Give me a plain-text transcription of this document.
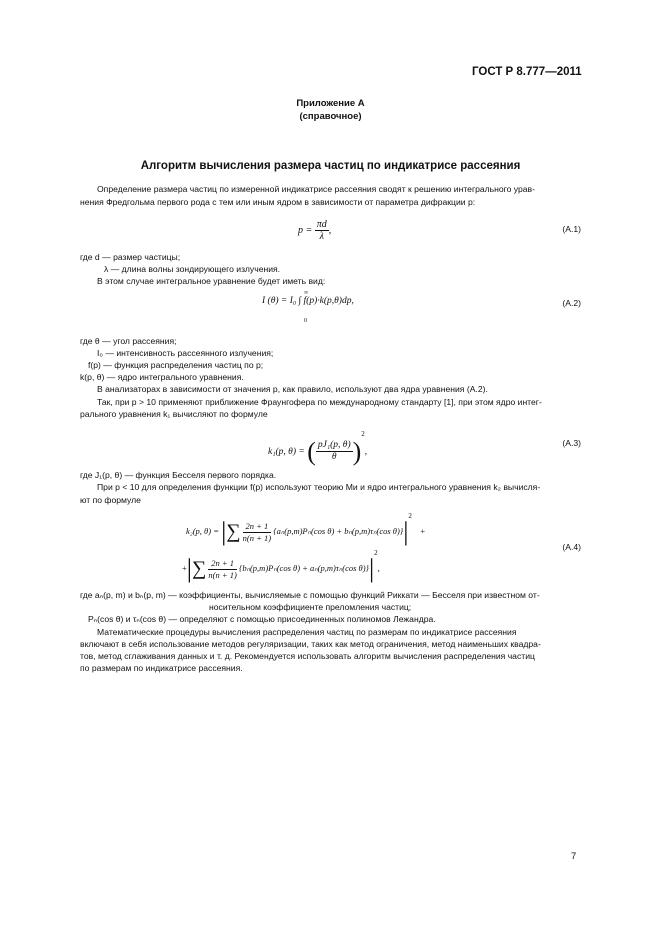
ГОСТ Р 8.777—2011
Приложение А
(справочное)
Алгоритм вычисления размера частиц по индикатрисе рассеяния
Определение размера частиц по измеренной индикатрисе рассеяния сводят к решению интегрального урав-
нения Фредгольма первого рода с тем или иным ядром в зависимости от параметра дифракции p:
$p = \frac{\pi d}{\lambda}$ ,	(А.1)
где d — размер частицы;
λ — длина волны зондирующего излучения.
В этом случае интегральное уравнение будет иметь вид:
∞
0
I (θ) = I₀ ∫ f(p)·k(p,θ)dp,	(А.2)
где θ — угол рассеяния;
I₀ — интенсивность рассеянного излучения;
f(p) — функция распределения частиц по p;
k(p, θ) — ядро интегрального уравнения.
В анализаторах в зависимости от значения p, как правило, используют два ядра уравнения (А.2).
Так, при p > 10 применяют приближение Фраунгофера по международному стандарту [1], при этом ядро интег-
рального уравнения k₁ вычисляют по формуле
k₁(p, θ) = ( $\frac{\text{pJ₁(p, θ)}}{\theta} )^2$,
(А.3)
где J₁(p, θ) — функция Бесселя первого порядка.
При p < 10 для определения функции f(p) используют теорию Ми и ядро интегрального уравнения k₂ вычисля-
ют по формуле
k₂(p, θ) = |∑ $\frac{2n + 1}{n(n + 1)} \{a_n(p,m)P_n(\cos$ θ) + bₙ(p,m)τₙ(cos $\theta)\}|^2$    +
+|∑ $\frac{2n + 1}{n(n + 1)} \{b_n(p,m)P_n(\cos$ θ) + aₙ(p,m)τₙ(cos $\theta)\}|^2$,
(А.4)
где aₙ(p, m) и bₙ(p, m) — коэффициенты, вычисляемые с помощью функций Риккати — Бесселя при известном от-
носительном коэффициенте преломления частиц;
Pₙ(cos θ) и τₙ(cos θ) — определяют с помощью присоединенных полиномов Лежандра.
Математические процедуры вычисления распределения частиц по размерам по индикатрисе рассеяния
включают в себя использование методов регуляризации, таких как метод ограничения, метод наименьших квадра-
тов, метод сглаживания данных и т. д. Рекомендуется использовать алгоритм вычисления распределения частиц
по размерам по индикатрисе рассеяния.
7
